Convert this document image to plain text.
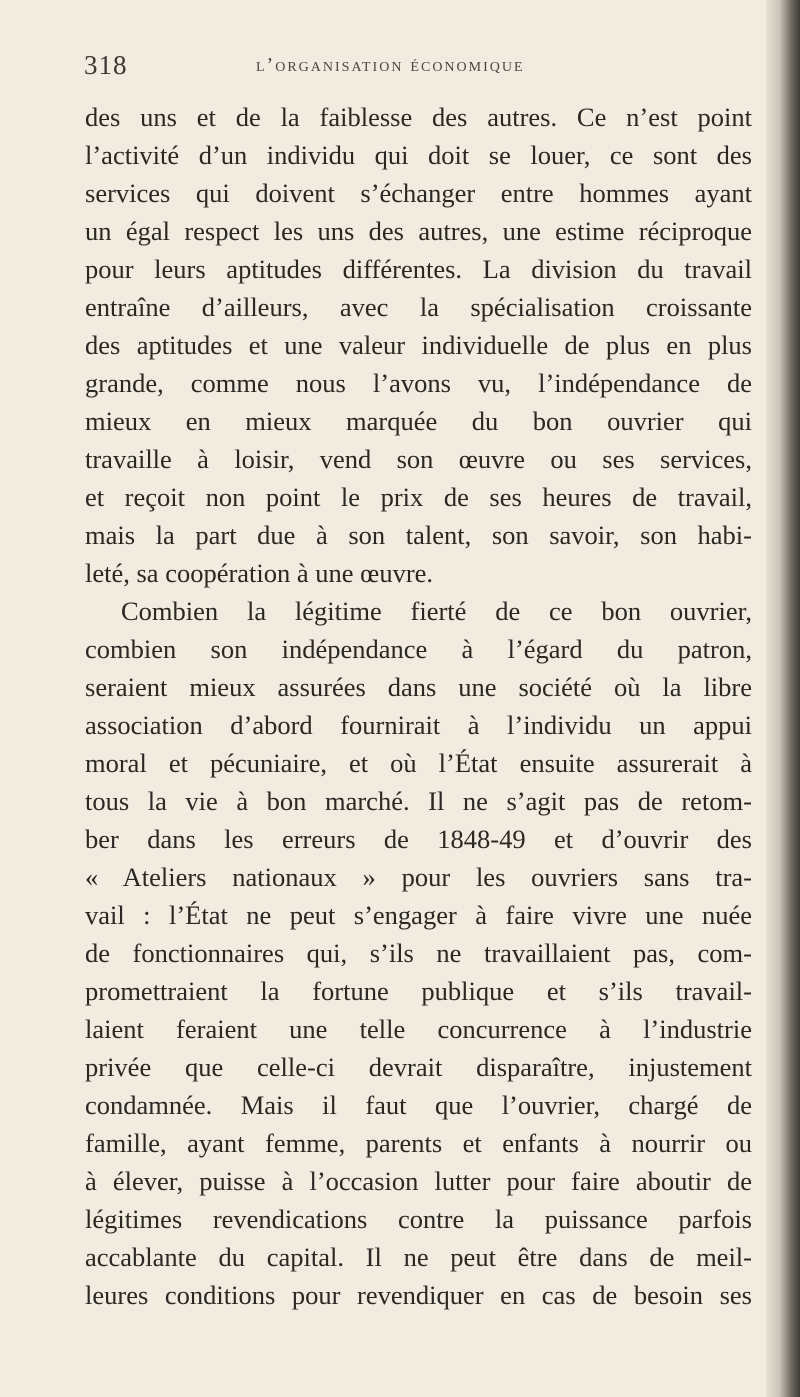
318	l’organisation économique
des uns et de la faiblesse des autres. Ce n’est point
l’activité d’un individu qui doit se louer, ce sont des
services qui doivent s’échanger entre hommes ayant
un égal respect les uns des autres, une estime réciproque
pour leurs aptitudes différentes. La division du travail
entraîne d’ailleurs, avec la spécialisation croissante
des aptitudes et une valeur individuelle de plus en plus
grande, comme nous l’avons vu, l’indépendance de
mieux en mieux marquée du bon ouvrier qui
travaille à loisir, vend son œuvre ou ses services,
et reçoit non point le prix de ses heures de travail,
mais la part due à son talent, son savoir, son habi-
leté, sa coopération à une œuvre.
Combien la légitime fierté de ce bon ouvrier,
combien son indépendance à l’égard du patron,
seraient mieux assurées dans une société où la libre
association d’abord fournirait à l’individu un appui
moral et pécuniaire, et où l’État ensuite assurerait à
tous la vie à bon marché. Il ne s’agit pas de retom-
ber dans les erreurs de 1848-49 et d’ouvrir des
« Ateliers nationaux » pour les ouvriers sans tra-
vail : l’État ne peut s’engager à faire vivre une nuée
de fonctionnaires qui, s’ils ne travaillaient pas, com-
promettraient la fortune publique et s’ils travail-
laient feraient une telle concurrence à l’industrie
privée que celle-ci devrait disparaître, injustement
condamnée. Mais il faut que l’ouvrier, chargé de
famille, ayant femme, parents et enfants à nourrir ou
à élever, puisse à l’occasion lutter pour faire aboutir de
légitimes revendications contre la puissance parfois
accablante du capital. Il ne peut être dans de meil-
leures conditions pour revendiquer en cas de besoin ses
